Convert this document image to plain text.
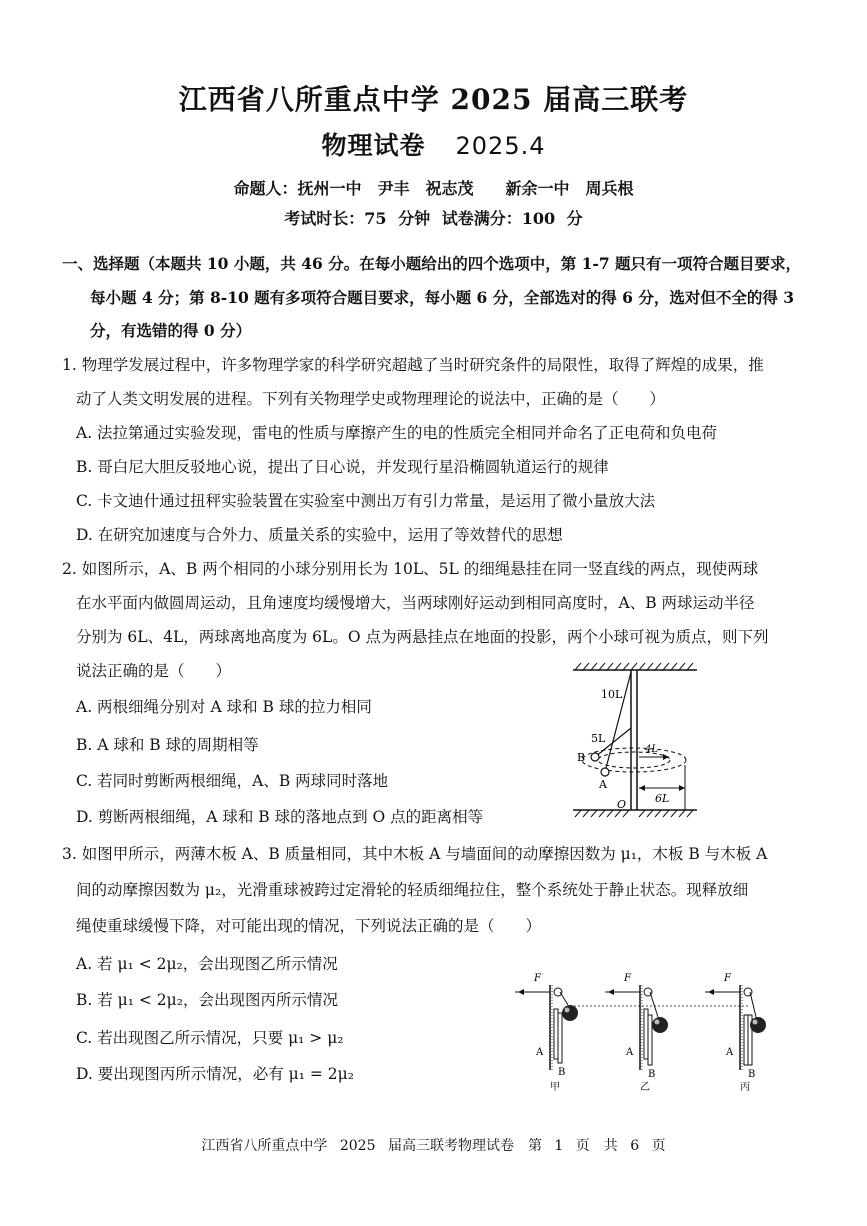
江西省八所重点中学 2025 届高三联考
物理试卷 2025.4
命题人：抚州一中　尹丰　祝志茂　　新余一中　周兵根
考试时长：75 分钟 试卷满分：100 分
一、选择题（本题共 10 小题，共 46 分。在每小题给出的四个选项中，第 1-7 题只有一项符合题目要求，
每小题 4 分；第 8-10 题有多项符合题目要求，每小题 6 分，全部选对的得 6 分，选对但不全的得 3
分，有选错的得 0 分）
1. 物理学发展过程中，许多物理学家的科学研究超越了当时研究条件的局限性，取得了辉煌的成果，推
动了人类文明发展的进程。下列有关物理学史或物理理论的说法中，正确的是（　　）
A. 法拉第通过实验发现，雷电的性质与摩擦产生的电的性质完全相同并命名了正电荷和负电荷
B. 哥白尼大胆反驳地心说，提出了日心说，并发现行星沿椭圆轨道运行的规律
C. 卡文迪什通过扭秤实验装置在实验室中测出万有引力常量，是运用了微小量放大法
D. 在研究加速度与合外力、质量关系的实验中，运用了等效替代的思想
2. 如图所示，A、B 两个相同的小球分别用长为 10L、5L 的细绳悬挂在同一竖直线的两点，现使两球
在水平面内做圆周运动，且角速度均缓慢增大，当两球刚好运动到相同高度时，A、B 两球运动半径
分别为 6L、4L，两球离地高度为 6L。O 点为两悬挂点在地面的投影，两个小球可视为质点，则下列
说法正确的是（　　）
A. 两根细绳分别对 A 球和 B 球的拉力相同
B. A 球和 B 球的周期相等
C. 若同时剪断两根细绳，A、B 两球同时落地
D. 剪断两根细绳，A 球和 B 球的落地点到 O 点的距离相等
10L
5L
4L
6L
B
A
O
3. 如图甲所示，两薄木板 A、B 质量相同，其中木板 A 与墙面间的动摩擦因数为 μ₁，木板 B 与木板 A
间的动摩擦因数为 μ₂，光滑重球被跨过定滑轮的轻质细绳拉住，整个系统处于静止状态。现释放细
绳使重球缓慢下降，对可能出现的情况，下列说法正确的是（　　）
A. 若 μ₁ < 2μ₂，会出现图乙所示情况
B. 若 μ₁ < 2μ₂，会出现图丙所示情况
C. 若出现图乙所示情况，只要 μ₁ > μ₂
D. 要出现图丙所示情况，必有 μ₁ = 2μ₂
F
A
B
甲
F
A
B
乙
F
A
B
丙
江西省八所重点中学 2025 届高三联考物理试卷　第 1 页　共 6 页
